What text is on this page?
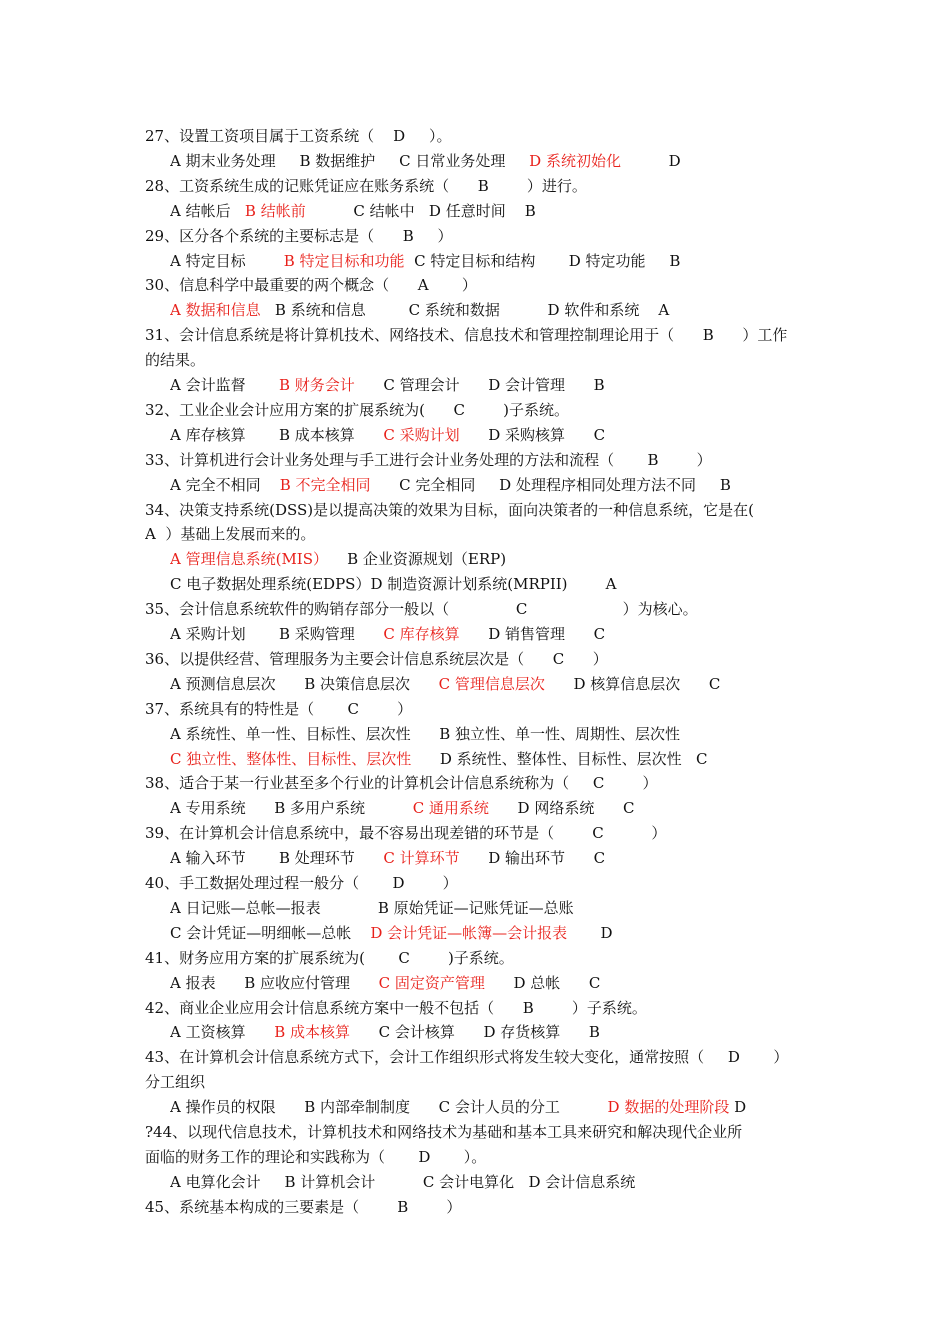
27、设置工资项目属于工资系统（    D     ）。
A 期末业务处理     B 数据维护     C 日常业务处理     D 系统初始化          D
28、工资系统生成的记账凭证应在账务系统（      B        ）进行。
A 结帐后   B 结帐前          C 结帐中   D 任意时间    B
29、区分各个系统的主要标志是（      B     ）
A 特定目标        B 特定目标和功能  C 特定目标和结构       D 特定功能     B
30、信息科学中最重要的两个概念（      A       ）
A 数据和信息   B 系统和信息         C 系统和数据          D 软件和系统    A
31、会计信息系统是将计算机技术、网络技术、信息技术和管理控制理论用于（      B      ）工作
的结果。
A 会计监督       B 财务会计      C 管理会计      D 会计管理      B
32、工业企业会计应用方案的扩展系统为(      C        )子系统。
A 库存核算       B 成本核算      C 采购计划      D 采购核算      C
33、计算机进行会计业务处理与手工进行会计业务处理的方法和流程（       B        ）
A 完全不相同    B 不完全相同      C 完全相同     D 处理程序相同处理方法不同     B
34、决策支持系统(DSS)是以提高决策的效果为目标，面向决策者的一种信息系统，它是在(
A  ）基础上发展而来的。
A 管理信息系统(MIS）    B 企业资源规划（ERP)
C 电子数据处理系统(EDPS）D 制造资源计划系统(MRPII)        A
35、会计信息系统软件的购销存部分一般以（              C                    ）为核心。
A 采购计划       B 采购管理      C 库存核算      D 销售管理      C
36、以提供经营、管理服务为主要会计信息系统层次是（      C      ）
A 预测信息层次      B 决策信息层次      C 管理信息层次      D 核算信息层次      C
37、系统具有的特性是（       C        ）
A 系统性、单一性、目标性、层次性      B 独立性、单一性、周期性、层次性
C 独立性、整体性、目标性、层次性      D 系统性、整体性、目标性、层次性   C
38、适合于某一行业甚至多个行业的计算机会计信息系统称为（     C        ）
A 专用系统      B 多用户系统          C 通用系统      D 网络系统      C
39、在计算机会计信息系统中，最不容易出现差错的环节是（        C          ）
A 输入环节       B 处理环节      C 计算环节      D 输出环节      C
40、手工数据处理过程一般分（       D        ）
A 日记账—总帐—报表            B 原始凭证—记账凭证—总账
C 会计凭证—明细帐—总帐    D 会计凭证—帐簿—会计报表       D
41、财务应用方案的扩展系统为(       C        )子系统。
A 报表      B 应收应付管理      C 固定资产管理      D 总帐      C
42、商业企业应用会计信息系统方案中一般不包括（      B        ）子系统。
A 工资核算      B 成本核算      C 会计核算      D 存货核算      B
43、在计算机会计信息系统方式下，会计工作组织形式将发生较大变化，通常按照（     D       ）
分工组织
A 操作员的权限      B 内部牵制制度      C 会计人员的分工          D 数据的处理阶段 D
?44、以现代信息技术，计算机技术和网络技术为基础和基本工具来研究和解决现代企业所
面临的财务工作的理论和实践称为（       D       ）。
A 电算化会计     B 计算机会计          C 会计电算化   D 会计信息系统
45、系统基本构成的三要素是（        B        ）
